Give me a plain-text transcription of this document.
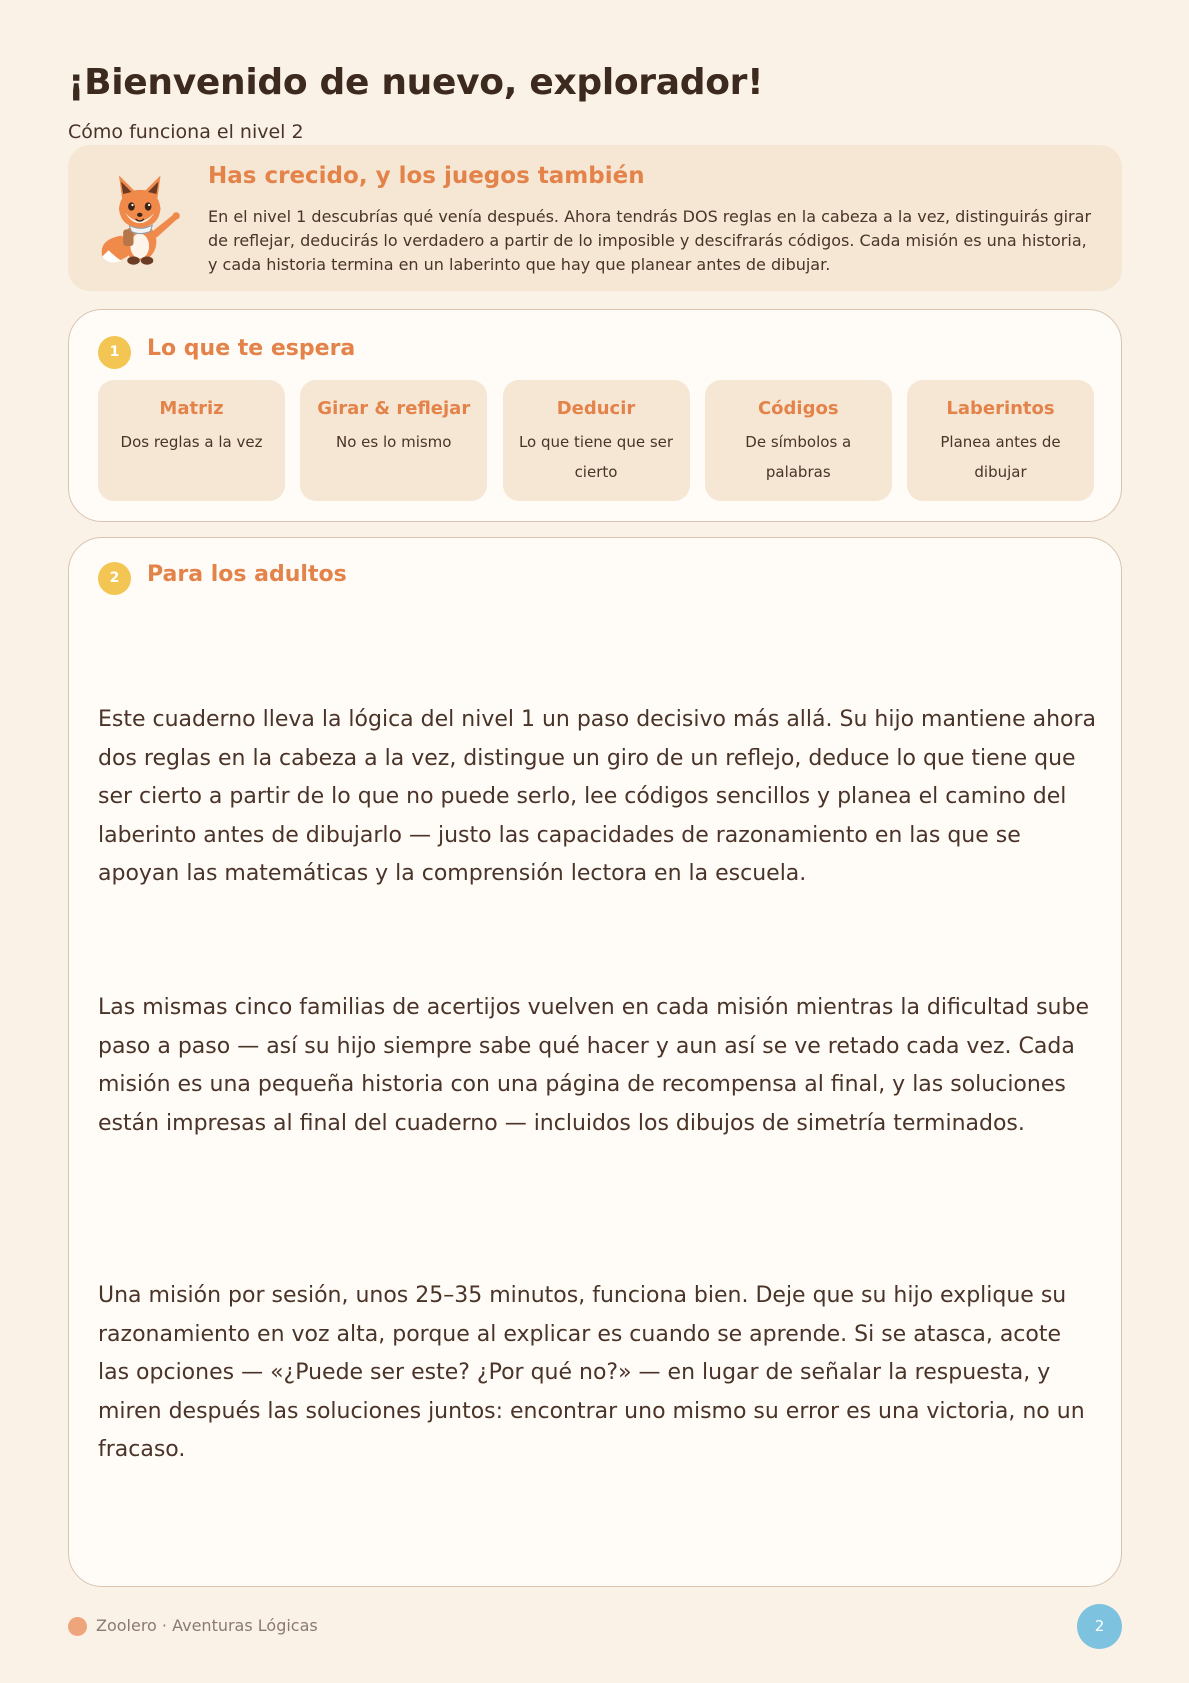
¡Bienvenido de nuevo, explorador!
Cómo funciona el nivel 2
Has crecido, y los juegos también
En el nivel 1 descubrías qué venía después. Ahora tendrás DOS reglas en la cabeza a la vez, distinguirás girar de reflejar, deducirás lo verdadero a partir de lo imposible y descifrarás códigos. Cada misión es una historia, y cada historia termina en un laberinto que hay que planear antes de dibujar.
1	Lo que te espera
Matriz
Dos reglas a la vez
Girar & reflejar
No es lo mismo
Deducir
Lo que tiene que ser cierto
Códigos
De símbolos a palabras
Laberintos
Planea antes de dibujar
2	Para los adultos

Este cuaderno lleva la lógica del nivel 1 un paso decisivo más allá. Su hijo mantiene ahora dos reglas en la cabeza a la vez, distingue un giro de un reflejo, deduce lo que tiene que ser cierto a partir de lo que no puede serlo, lee códigos sencillos y planea el camino del laberinto antes de dibujarlo — justo las capacidades de razonamiento en las que se apoyan las matemáticas y la comprensión lectora en la escuela.

Las mismas cinco familias de acertijos vuelven en cada misión mientras la dificultad sube paso a paso — así su hijo siempre sabe qué hacer y aun así se ve retado cada vez. Cada misión es una pequeña historia con una página de recompensa al final, y las soluciones están impresas al final del cuaderno — incluidos los dibujos de simetría terminados.

Una misión por sesión, unos 25–35 minutos, funciona bien. Deje que su hijo explique su razonamiento en voz alta, porque al explicar es cuando se aprende. Si se atasca, acote las opciones — «¿Puede ser este? ¿Por qué no?» — en lugar de señalar la respuesta, y miren después las soluciones juntos: encontrar uno mismo su error es una victoria, no un fracaso.

Zoolero · Aventuras Lógicas	2
